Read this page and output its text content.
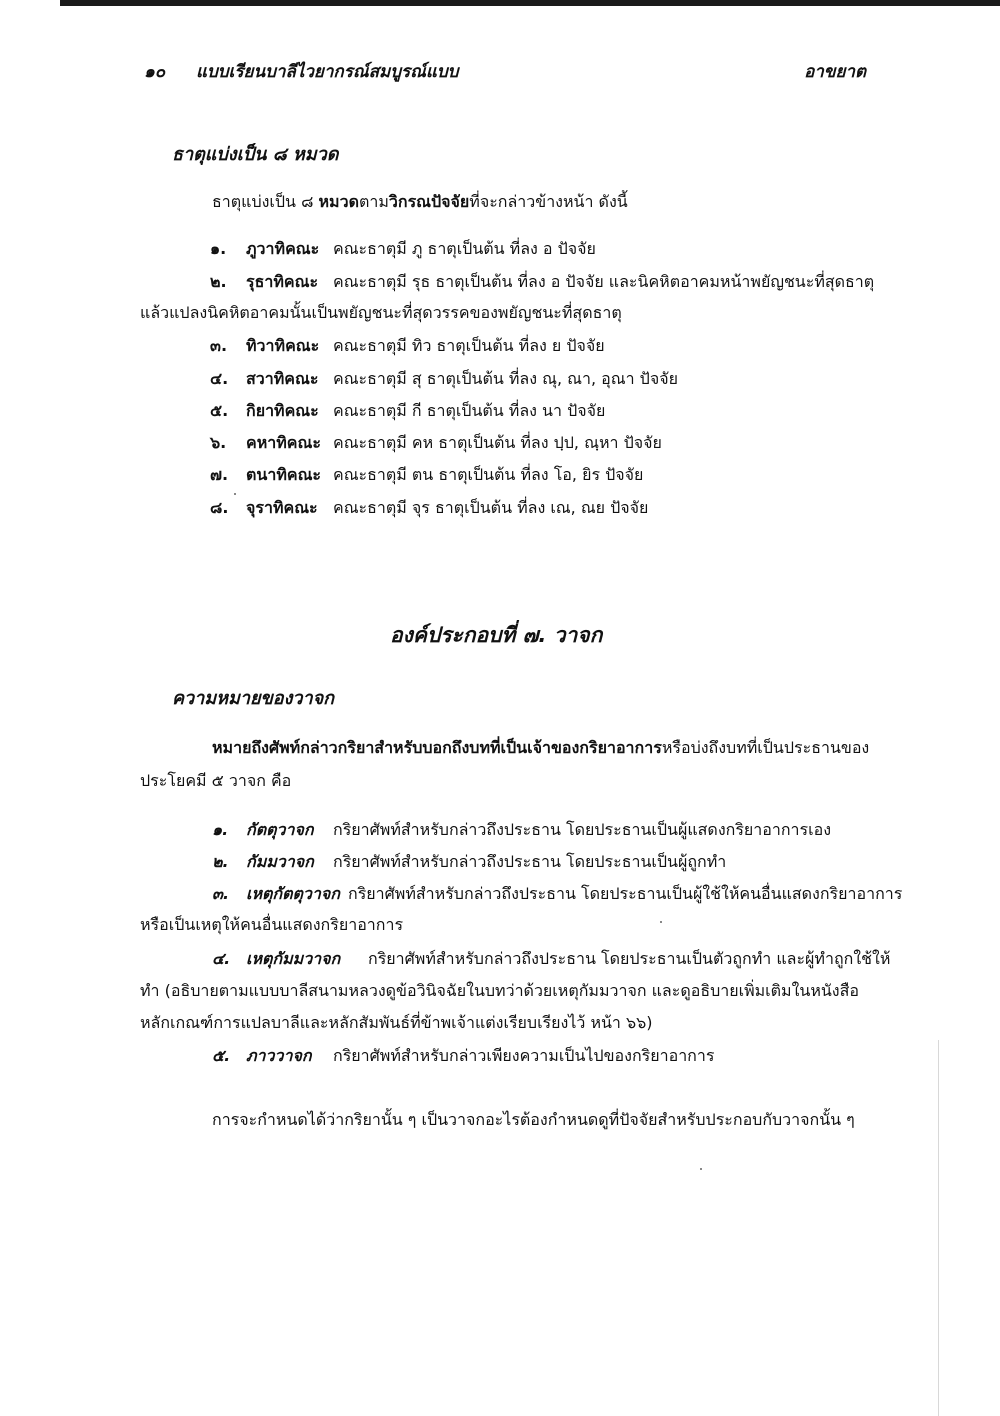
๑๐ แบบเรียนบาลีไวยากรณ์สมบูรณ์แบบ	อาขยาต
ธาตุแบ่งเป็น ๘ หมวด
ธาตุแบ่งเป็น ๘ หมวดตามวิกรณปัจจัยที่จะกล่าวข้างหน้า ดังนี้
๑. ภูวาทิคณะ คณะธาตุมี ภู ธาตุเป็นต้น ที่ลง อ ปัจจัย
๒. รุธาทิคณะ คณะธาตุมี รุธ ธาตุเป็นต้น ที่ลง อ ปัจจัย และนิคหิตอาคมหน้าพยัญชนะที่สุดธาตุ
แล้วแปลงนิคหิตอาคมนั้นเป็นพยัญชนะที่สุดวรรคของพยัญชนะที่สุดธาตุ
๓. ทิวาทิคณะ คณะธาตุมี ทิว ธาตุเป็นต้น ที่ลง ย ปัจจัย
๔. สวาทิคณะ คณะธาตุมี สุ ธาตุเป็นต้น ที่ลง ณุ, ณา, อุณา ปัจจัย
๕. กิยาทิคณะ คณะธาตุมี กี ธาตุเป็นต้น ที่ลง นา ปัจจัย
๖. คหาทิคณะ คณะธาตุมี คห ธาตุเป็นต้น ที่ลง ปฺป, ณฺหา ปัจจัย
๗. ตนาทิคณะ คณะธาตุมี ตน ธาตุเป็นต้น ที่ลง โอ, ยิร ปัจจัย
๘. จุราทิคณะ คณะธาตุมี จุร ธาตุเป็นต้น ที่ลง เณ, ณย ปัจจัย
องค์ประกอบที่ ๗. วาจก
ความหมายของวาจก
หมายถึงศัพท์กล่าวกริยาสำหรับบอกถึงบทที่เป็นเจ้าของกริยาอาการหรือบ่งถึงบทที่เป็นประธานของ
ประโยคมี ๕ วาจก คือ
๑. กัตตุวาจก กริยาศัพท์สำหรับกล่าวถึงประธาน โดยประธานเป็นผู้แสดงกริยาอาการเอง
๒. กัมมวาจก กริยาศัพท์สำหรับกล่าวถึงประธาน โดยประธานเป็นผู้ถูกทำ
๓. เหตุกัตตุวาจก กริยาศัพท์สำหรับกล่าวถึงประธาน โดยประธานเป็นผู้ใช้ให้คนอื่นแสดงกริยาอาการ
หรือเป็นเหตุให้คนอื่นแสดงกริยาอาการ
๔. เหตุกัมมวาจก กริยาศัพท์สำหรับกล่าวถึงประธาน โดยประธานเป็นตัวถูกทำ และผู้ทำถูกใช้ให้
ทำ (อธิบายตามแบบบาลีสนามหลวงดูข้อวินิจฉัยในบทว่าด้วยเหตุกัมมวาจก และดูอธิบายเพิ่มเติมในหนังสือ
หลักเกณฑ์การแปลบาลีและหลักสัมพันธ์ที่ข้าพเจ้าแต่งเรียบเรียงไว้ หน้า ๖๖)
๕. ภาววาจก กริยาศัพท์สำหรับกล่าวเพียงความเป็นไปของกริยาอาการ
การจะกำหนดได้ว่ากริยานั้น ๆ เป็นวาจกอะไรต้องกำหนดดูที่ปัจจัยสำหรับประกอบกับวาจกนั้น ๆ
